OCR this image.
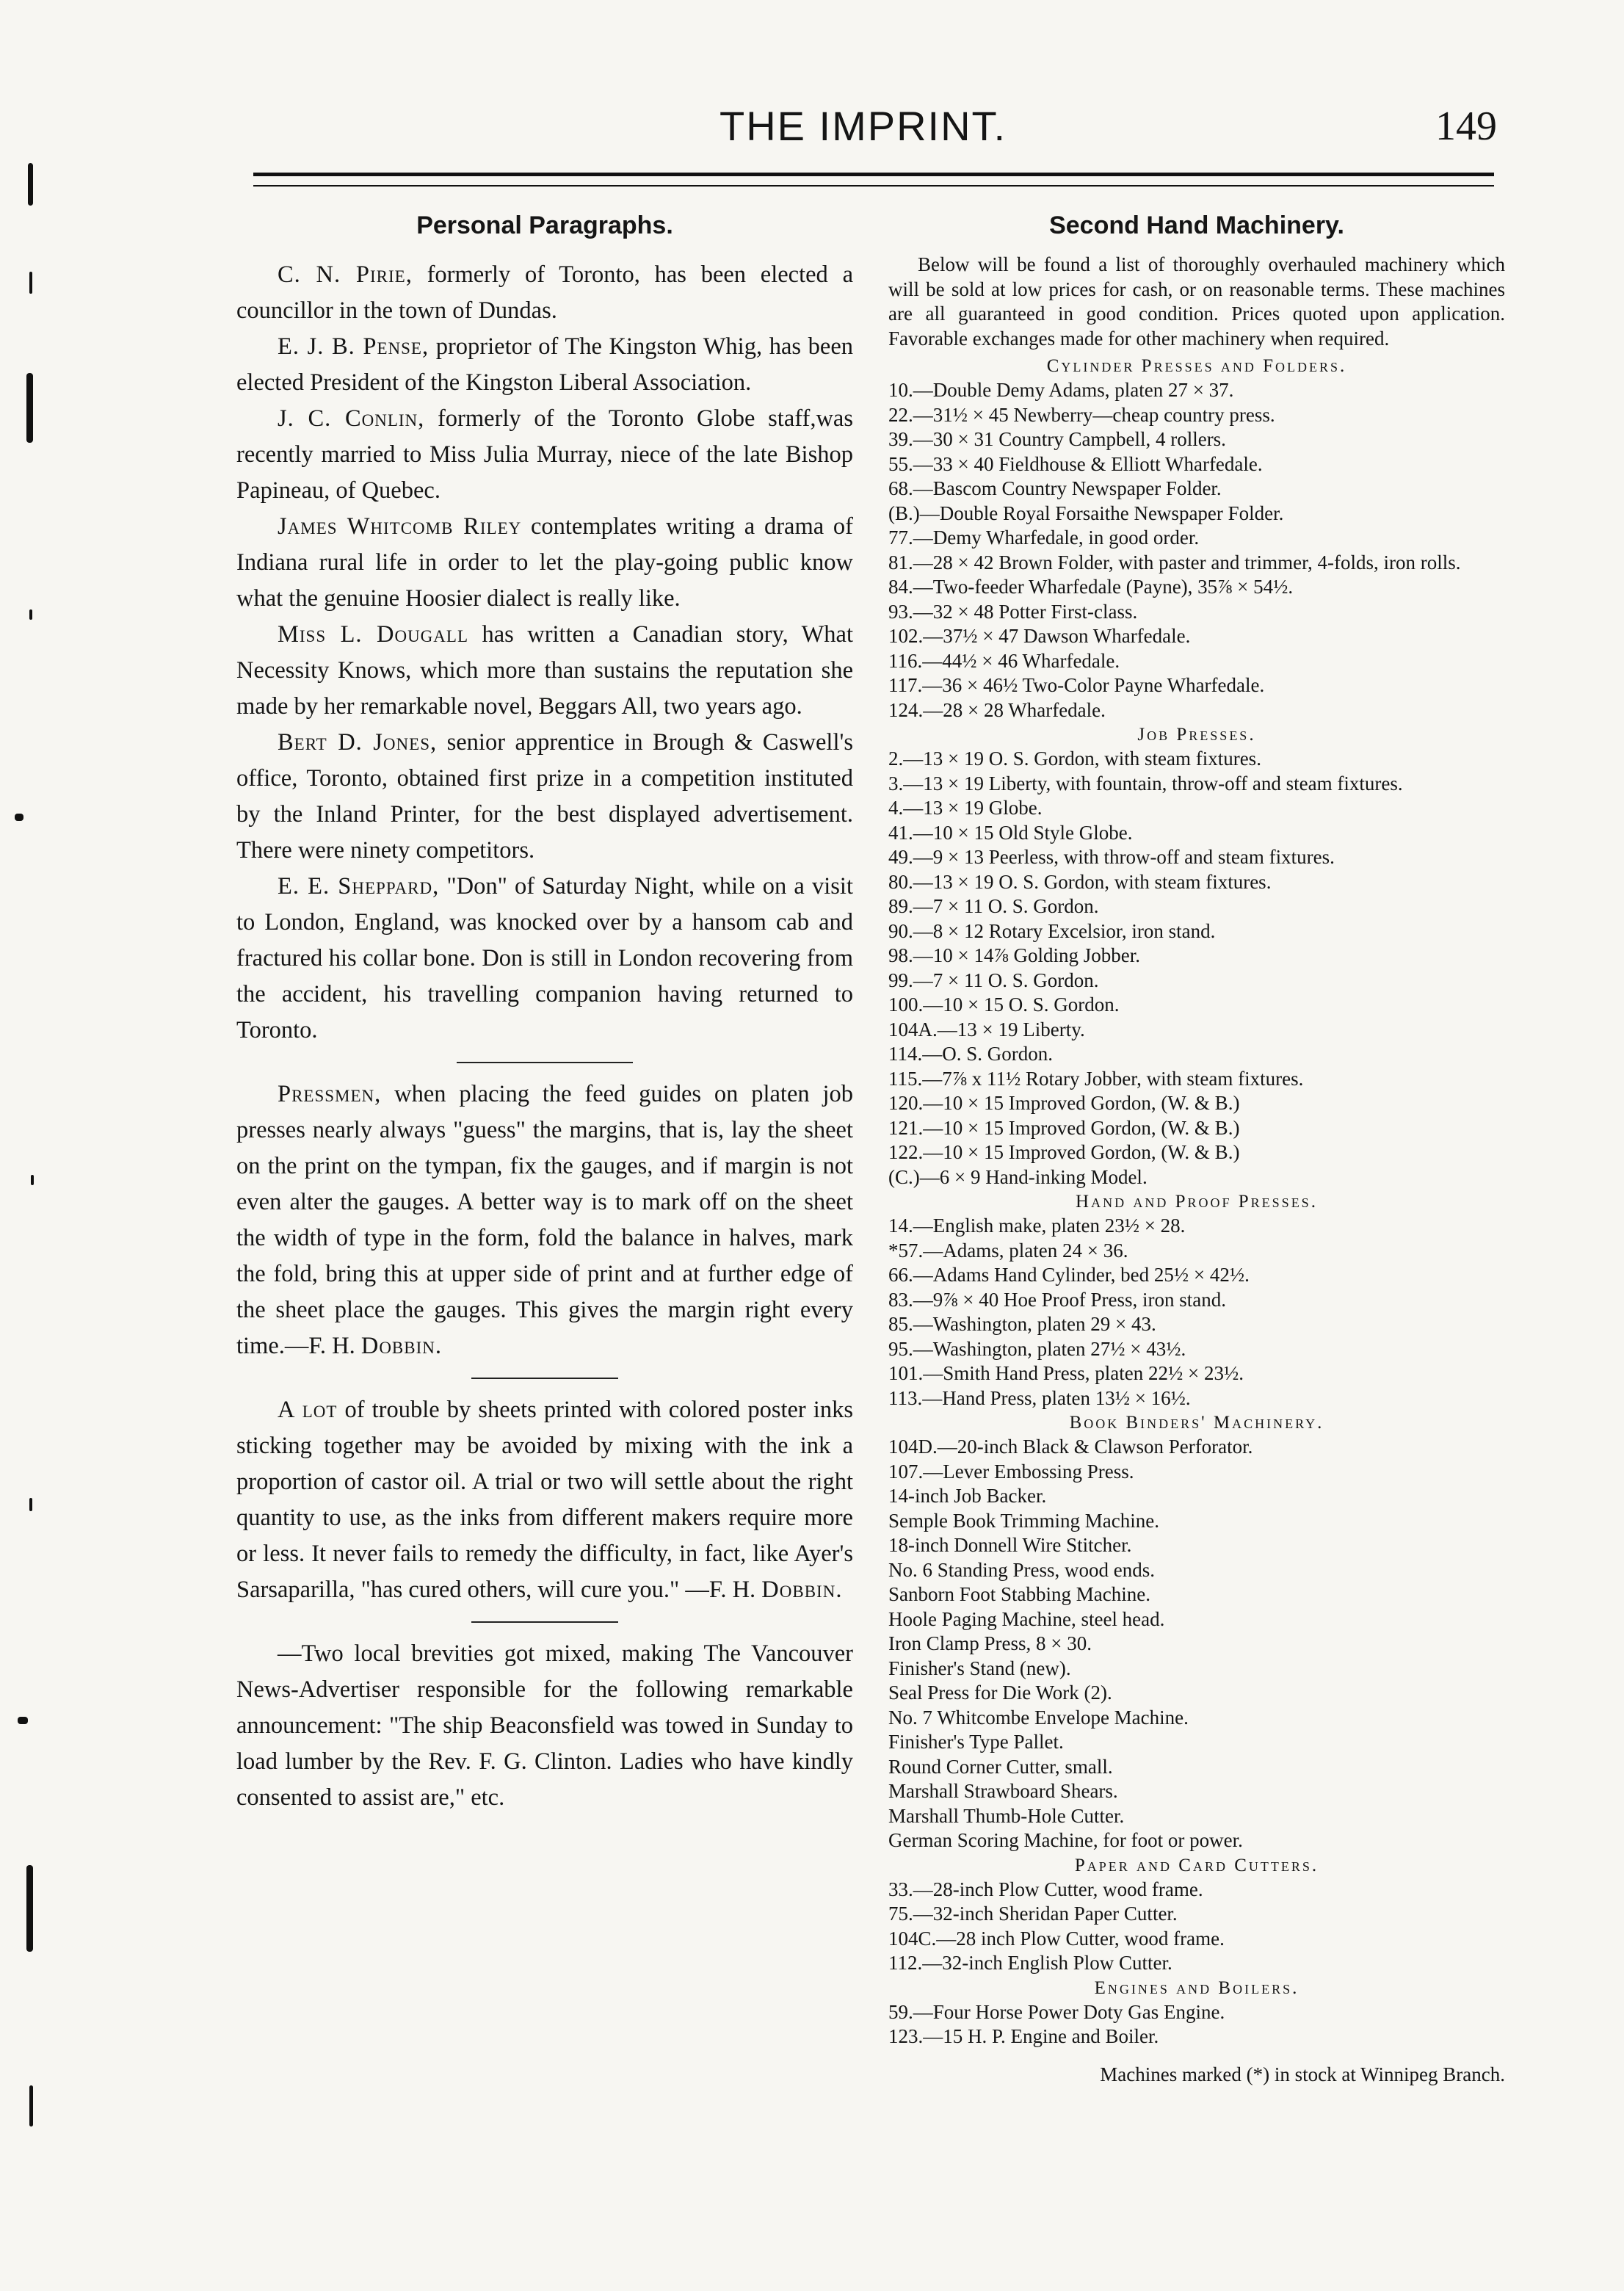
THE IMPRINT.	149
Personal Paragraphs.

C. N. Pirie, formerly of Toronto, has been elected a councillor in the town of Dundas.

E. J. B. Pense, proprietor of The Kingston Whig, has been elected President of the Kingston Liberal Association.

J. C. Conlin, formerly of the Toronto Globe staff,was recently married to Miss Julia Murray, niece of the late Bishop Papineau, of Quebec.

James Whitcomb Riley contemplates writing a drama of Indiana rural life in order to let the play-going public know what the genuine Hoosier dialect is really like.

Miss L. Dougall has written a Canadian story, What Necessity Knows, which more than sustains the reputation she made by her remarkable novel, Beggars All, two years ago.

Bert D. Jones, senior apprentice in Brough & Caswell's office, Toronto, obtained first prize in a competition instituted by the Inland Printer, for the best displayed advertisement. There were ninety competitors.

E. E. Sheppard, "Don" of Saturday Night, while on a visit to London, England, was knocked over by a hansom cab and fractured his collar bone. Don is still in London recovering from the accident, his travelling companion having returned to Toronto.

Pressmen, when placing the feed guides on platen job presses nearly always "guess" the margins, that is, lay the sheet on the print on the tympan, fix the gauges, and if margin is not even alter the gauges. A better way is to mark off on the sheet the width of type in the form, fold the balance in halves, mark the fold, bring this at upper side of print and at further edge of the sheet place the gauges. This gives the margin right every time.—F. H. Dobbin.

A lot of trouble by sheets printed with colored poster inks sticking together may be avoided by mixing with the ink a proportion of castor oil. A trial or two will settle about the right quantity to use, as the inks from different makers require more or less. It never fails to remedy the difficulty, in fact, like Ayer's Sarsaparilla, "has cured others, will cure you." —F. H. Dobbin.

—Two local brevities got mixed, making The Vancouver News-Advertiser responsible for the following remarkable announcement: "The ship Beaconsfield was towed in Sunday to load lumber by the Rev. F. G. Clinton. Ladies who have kindly consented to assist are," etc.

Second Hand Machinery.

Below will be found a list of thoroughly overhauled machinery which will be sold at low prices for cash, or on reasonable terms. These machines are all guaranteed in good condition. Prices quoted upon application. Favorable exchanges made for other machinery when required.

Cylinder Presses and Folders.
10.—Double Demy Adams, platen 27 × 37.
22.—31½ × 45 Newberry—cheap country press.
39.—30 × 31 Country Campbell, 4 rollers.
55.—33 × 40 Fieldhouse & Elliott Wharfedale.
68.—Bascom Country Newspaper Folder.
(B.)—Double Royal Forsaithe Newspaper Folder.
77.—Demy Wharfedale, in good order.
81.—28 × 42 Brown Folder, with paster and trimmer, 4-folds, iron rolls.
84.—Two-feeder Wharfedale (Payne), 35⅞ × 54½.
93.—32 × 48 Potter First-class.
102.—37½ × 47 Dawson Wharfedale.
116.—44½ × 46 Wharfedale.
117.—36 × 46½ Two-Color Payne Wharfedale.
124.—28 × 28 Wharfedale.
Job Presses.
2.—13 × 19 O. S. Gordon, with steam fixtures.
3.—13 × 19 Liberty, with fountain, throw-off and steam fixtures.
4.—13 × 19 Globe.
41.—10 × 15 Old Style Globe.
49.—9 × 13 Peerless, with throw-off and steam fixtures.
80.—13 × 19 O. S. Gordon, with steam fixtures.
89.—7 × 11 O. S. Gordon.
90.—8 × 12 Rotary Excelsior, iron stand.
98.—10 × 14⅞ Golding Jobber.
99.—7 × 11 O. S. Gordon.
100.—10 × 15 O. S. Gordon.
104A.—13 × 19 Liberty.
114.—O. S. Gordon.
115.—7⅞ x 11½ Rotary Jobber, with steam fixtures.
120.—10 × 15 Improved Gordon, (W. & B.)
121.—10 × 15 Improved Gordon, (W. & B.)
122.—10 × 15 Improved Gordon, (W. & B.)
(C.)—6 × 9 Hand-inking Model.
Hand and Proof Presses.
14.—English make, platen 23½ × 28.
*57.—Adams, platen 24 × 36.
66.—Adams Hand Cylinder, bed 25½ × 42½.
83.—9⅞ × 40 Hoe Proof Press, iron stand.
85.—Washington, platen 29 × 43.
95.—Washington, platen 27½ × 43½.
101.—Smith Hand Press, platen 22½ × 23½.
113.—Hand Press, platen 13½ × 16½.
Book Binders' Machinery.
104D.—20-inch Black & Clawson Perforator.
107.—Lever Embossing Press.
14-inch Job Backer.
Semple Book Trimming Machine.
18-inch Donnell Wire Stitcher.
No. 6 Standing Press, wood ends.
Sanborn Foot Stabbing Machine.
Hoole Paging Machine, steel head.
Iron Clamp Press, 8 × 30.
Finisher's Stand (new).
Seal Press for Die Work (2).
No. 7 Whitcombe Envelope Machine.
Finisher's Type Pallet.
Round Corner Cutter, small.
Marshall Strawboard Shears.
Marshall Thumb-Hole Cutter.
German Scoring Machine, for foot or power.
Paper and Card Cutters.
33.—28-inch Plow Cutter, wood frame.
75.—32-inch Sheridan Paper Cutter.
104C.—28 inch Plow Cutter, wood frame.
112.—32-inch English Plow Cutter.
Engines and Boilers.
59.—Four Horse Power Doty Gas Engine.
123.—15 H. P. Engine and Boiler.
Machines marked (*) in stock at Winnipeg Branch.
